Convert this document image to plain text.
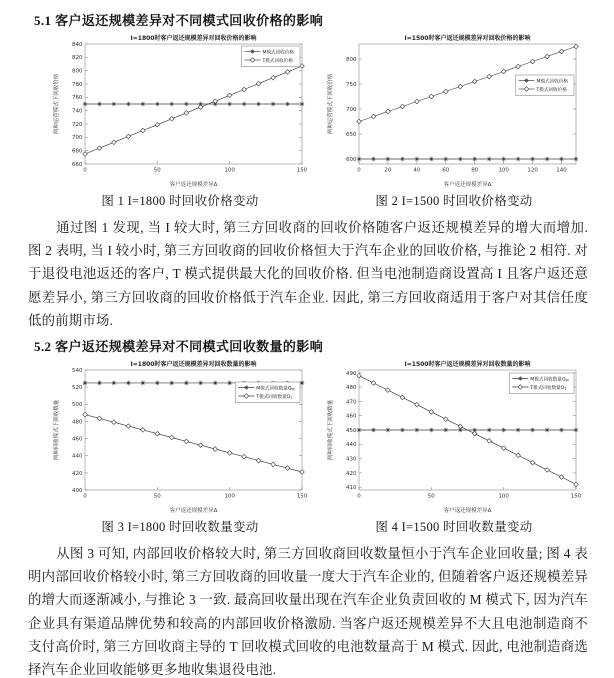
5.1 客户返还规模差异对不同模式回收价格的影响
I=1800时客户返还规模差异对回收价格的影响
660
680
700
720
740
760
780
800
820
840
0	50	100	150
客户返还规模差异Δ
两种运营模式下回收价格
M模式回收价格
T模式回收价格
图 1 I=1800 时回收价格变动
I=1500时客户返还规模差异对回收价格的影响
600
650
700
750
800
0	20	40	60	80	100	120	140
客户返还规模差异Δ
两种运营模式下回收价格	M模式回收价格
T模式回收价格
图 2 I=1500 时回收价格变动

通过图 1 发现, 当 I 较大时, 第三方回收商的回收价格随客户返还规模差异的增大而增加. 图 2 表明, 当 I 较小时, 第三方回收商的回收价格恒大于汽车企业的回收价格, 与推论 2 相符. 对于退役电池返还的客户, T 模式提供最大化的回收价格. 但当电池制造商设置高 I 且客户返还意愿差异小, 第三方回收商的回收价格低于汽车企业. 因此, 第三方回收商适用于客户对其信任度低的前期市场.

5.2 客户返还规模差异对不同模式回收数量的影响
I=1800时客户返还规模差异对回收数量的影响
400
420
440
460
480
500
520
540
0	50	100	150
客户返还规模差异Δ
两种回收模式下回收数量
M模式回收数量$Q_M$
T模式回收数量$Q_T$
图 3 I=1800 时回收数量变动
I=1500时客户返还规模差异对回收数量的影响
410
420
430
440
450
460
470
480
490
0	50	100	150
客户返还规模差异Δ
两种回收模式下回收数量
M模式回收数量$Q_M$
T模式回收数量$Q_T$
图 4 I=1500 时回收数量变动

从图 3 可知, 内部回收价格较大时, 第三方回收商回收数量恒小于汽车企业回收量; 图 4 表明内部回收价格较小时, 第三方回收商的回收量一度大于汽车企业的, 但随着客户返还规模差异的增大而逐渐减小, 与推论 3 一致. 最高回收量出现在汽车企业负责回收的 M 模式下, 因为汽车企业具有渠道品牌优势和较高的内部回收价格激励. 当客户返还规模差异不大且电池制造商不支付高价时, 第三方回收商主导的 T 回收模式回收的电池数量高于 M 模式. 因此, 电池制造商选择汽车企业回收能够更多地收集退役电池.
